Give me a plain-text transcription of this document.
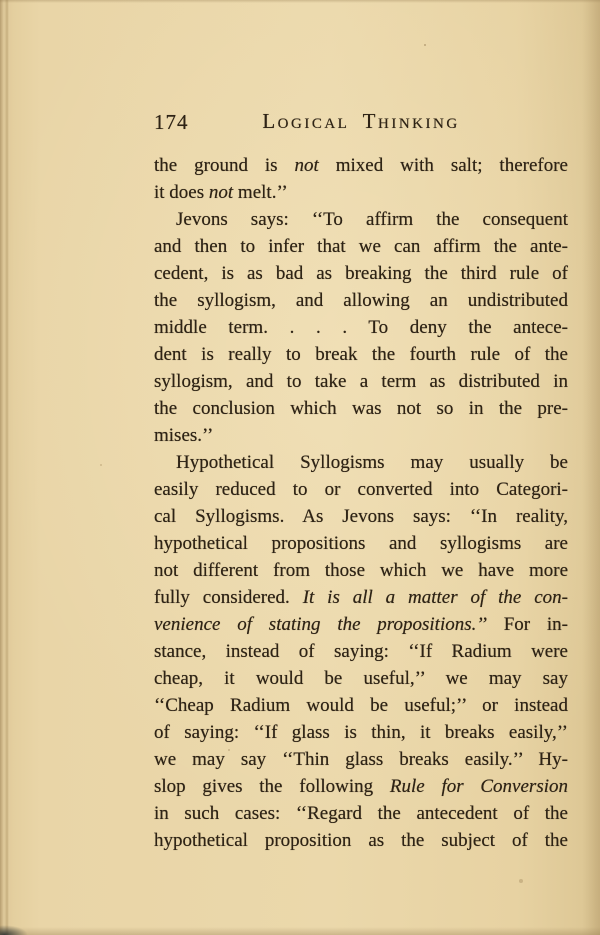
174	Logical Thinking
the ground is not mixed with salt; therefore
it does not melt.’’
Jevons says: ‘‘To affirm the consequent
and then to infer that we can affirm the ante-
cedent, is as bad as breaking the third rule of
the syllogism, and allowing an undistributed
middle term. . . . To deny the antece-
dent is really to break the fourth rule of the
syllogism, and to take a term as distributed in
the conclusion which was not so in the pre-
mises.’’
Hypothetical Syllogisms may usually be
easily reduced to or converted into Categori-
cal Syllogisms. As Jevons says: ‘‘In reality,
hypothetical propositions and syllogisms are
not different from those which we have more
fully considered. It is all a matter of the con-
venience of stating the propositions.’’ For in-
stance, instead of saying: ‘‘If Radium were
cheap, it would be useful,’’ we may say
‘‘Cheap Radium would be useful;’’ or instead
of saying: ‘‘If glass is thin, it breaks easily,’’
we may say ‘‘Thin glass breaks easily.’’ Hy-
slop gives the following Rule for Conversion
in such cases: ‘‘Regard the antecedent of the
hypothetical proposition as the subject of the
